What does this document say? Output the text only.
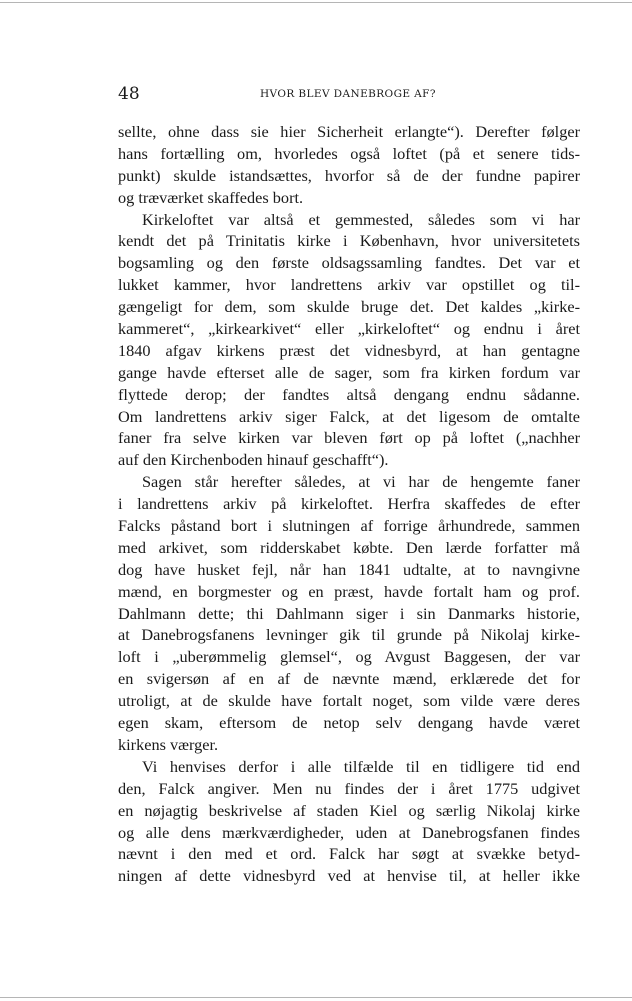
48	HVOR BLEV DANEBROGE AF?
sellte, ohne dass sie hier Sicherheit erlangte“). Derefter følger
hans fortælling om, hvorledes også loftet (på et senere tids-
punkt) skulde istandsættes, hvorfor så de der fundne papirer
og træværket skaffedes bort.
Kirkeloftet var altså et gemmested, således som vi har
kendt det på Trinitatis kirke i København, hvor universitetets
bogsamling og den første oldsagssamling fandtes. Det var et
lukket kammer, hvor landrettens arkiv var opstillet og til-
gængeligt for dem, som skulde bruge det. Det kaldes „kirke-
kammeret“, „kirkearkivet“ eller „kirkeloftet“ og endnu i året
1840 afgav kirkens præst det vidnesbyrd, at han gentagne
gange havde efterset alle de sager, som fra kirken fordum var
flyttede derop; der fandtes altså dengang endnu sådanne.
Om landrettens arkiv siger Falck, at det ligesom de omtalte
faner fra selve kirken var bleven ført op på loftet („nachher
auf den Kirchenboden hinauf geschafft“).
Sagen står herefter således, at vi har de hengemte faner
i landrettens arkiv på kirkeloftet. Herfra skaffedes de efter
Falcks påstand bort i slutningen af forrige århundrede, sammen
med arkivet, som ridderskabet købte. Den lærde forfatter må
dog have husket fejl, når han 1841 udtalte, at to navngivne
mænd, en borgmester og en præst, havde fortalt ham og prof.
Dahlmann dette; thi Dahlmann siger i sin Danmarks historie,
at Danebrogsfanens levninger gik til grunde på Nikolaj kirke-
loft i „uberømmelig glemsel“, og Avgust Baggesen, der var
en svigersøn af en af de nævnte mænd, erklærede det for
utroligt, at de skulde have fortalt noget, som vilde være deres
egen skam, eftersom de netop selv dengang havde været
kirkens værger.
Vi henvises derfor i alle tilfælde til en tidligere tid end
den, Falck angiver. Men nu findes der i året 1775 udgivet
en nøjagtig beskrivelse af staden Kiel og særlig Nikolaj kirke
og alle dens mærkværdigheder, uden at Danebrogsfanen findes
nævnt i den med et ord. Falck har søgt at svække betyd-
ningen af dette vidnesbyrd ved at henvise til, at heller ikke
